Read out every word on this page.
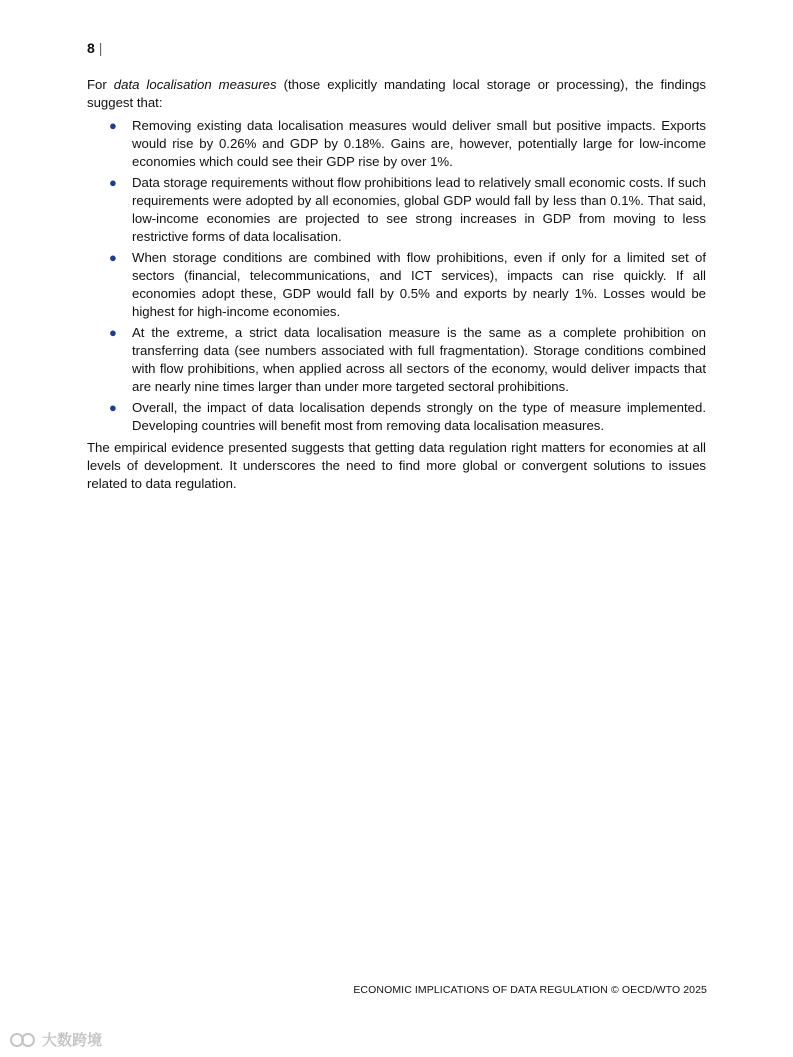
8 |

For data localisation measures (those explicitly mandating local storage or processing), the findings suggest that:

● Removing existing data localisation measures would deliver small but positive impacts. Exports would rise by 0.26% and GDP by 0.18%. Gains are, however, potentially large for low-income economies which could see their GDP rise by over 1%.
● Data storage requirements without flow prohibitions lead to relatively small economic costs. If such requirements were adopted by all economies, global GDP would fall by less than 0.1%. That said, low-income economies are projected to see strong increases in GDP from moving to less restrictive forms of data localisation.
● When storage conditions are combined with flow prohibitions, even if only for a limited set of sectors (financial, telecommunications, and ICT services), impacts can rise quickly. If all economies adopt these, GDP would fall by 0.5% and exports by nearly 1%. Losses would be highest for high-income economies.
● At the extreme, a strict data localisation measure is the same as a complete prohibition on transferring data (see numbers associated with full fragmentation). Storage conditions combined with flow prohibitions, when applied across all sectors of the economy, would deliver impacts that are nearly nine times larger than under more targeted sectoral prohibitions.
● Overall, the impact of data localisation depends strongly on the type of measure implemented. Developing countries will benefit most from removing data localisation measures.

The empirical evidence presented suggests that getting data regulation right matters for economies at all levels of development. It underscores the need to find more global or convergent solutions to issues related to data regulation.

ECONOMIC IMPLICATIONS OF DATA REGULATION © OECD/WTO 2025
大数跨境
